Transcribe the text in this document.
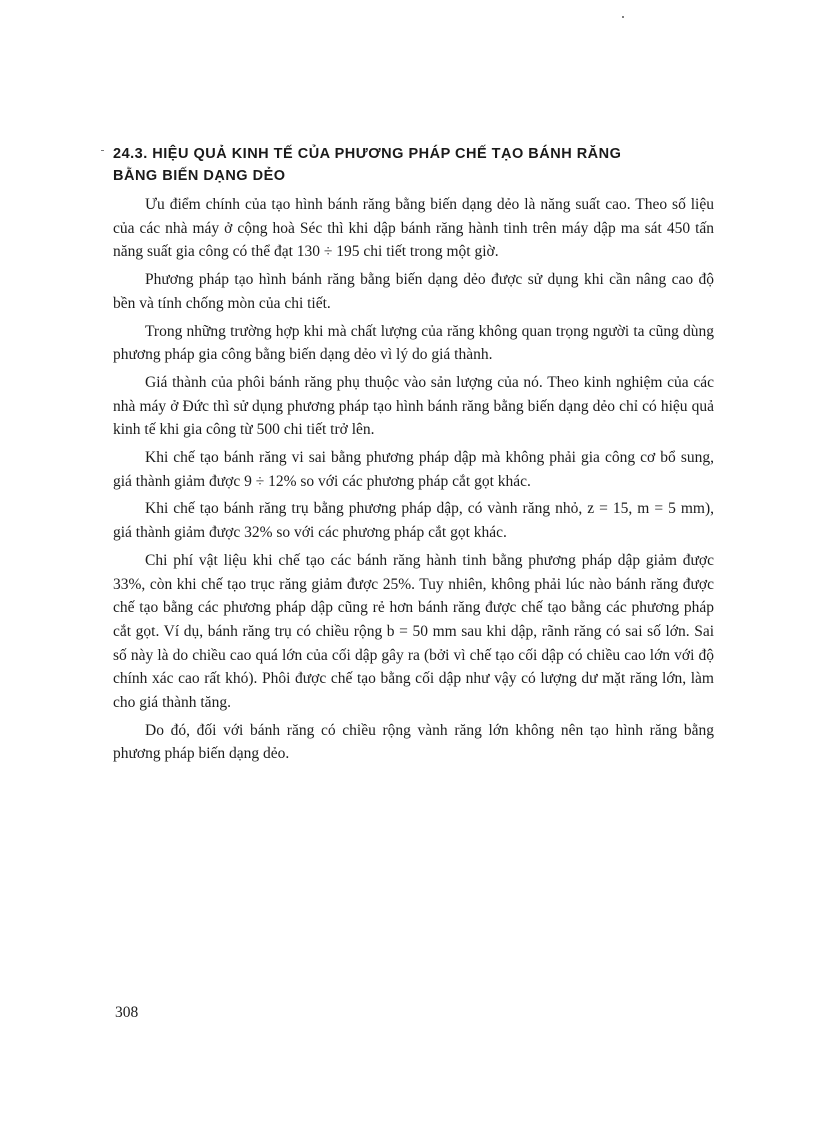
24.3. HIỆU QUẢ KINH TẾ CỦA PHƯƠNG PHÁP CHẾ TẠO BÁNH RĂNG
BẰNG BIẾN DẠNG DẺO

Ưu điểm chính của tạo hình bánh răng bằng biến dạng dẻo là năng suất cao. Theo số liệu của các nhà máy ở cộng hoà Séc thì khi dập bánh răng hành tinh trên máy dập ma sát 450 tấn năng suất gia công có thể đạt 130 ÷ 195 chi tiết trong một giờ.

Phương pháp tạo hình bánh răng bằng biến dạng dẻo được sử dụng khi cần nâng cao độ bền và tính chống mòn của chi tiết.

Trong những trường hợp khi mà chất lượng của răng không quan trọng người ta cũng dùng phương pháp gia công bằng biến dạng dẻo vì lý do giá thành.

Giá thành của phôi bánh răng phụ thuộc vào sản lượng của nó. Theo kinh nghiệm của các nhà máy ở Đức thì sử dụng phương pháp tạo hình bánh răng bằng biến dạng dẻo chỉ có hiệu quả kinh tế khi gia công từ 500 chi tiết trở lên.

Khi chế tạo bánh răng vi sai bằng phương pháp dập mà không phải gia công cơ bổ sung, giá thành giảm được 9 ÷ 12% so với các phương pháp cắt gọt khác.

Khi chế tạo bánh răng trụ bằng phương pháp dập, có vành răng nhỏ, z = 15, m = 5 mm), giá thành giảm được 32% so với các phương pháp cắt gọt khác.

Chi phí vật liệu khi chế tạo các bánh răng hành tinh bằng phương pháp dập giảm được 33%, còn khi chế tạo trục răng giảm được 25%. Tuy nhiên, không phải lúc nào bánh răng được chế tạo bằng các phương pháp dập cũng rẻ hơn bánh răng được chế tạo bằng các phương pháp cắt gọt. Ví dụ, bánh răng trụ có chiều rộng b = 50 mm sau khi dập, rãnh răng có sai số lớn. Sai số này là do chiều cao quá lớn của cối dập gây ra (bởi vì chế tạo cối dập có chiều cao lớn với độ chính xác cao rất khó). Phôi được chế tạo bằng cối dập như vậy có lượng dư mặt răng lớn, làm cho giá thành tăng.

Do đó, đối với bánh răng có chiều rộng vành răng lớn không nên tạo hình răng bằng phương pháp biến dạng dẻo.

308
